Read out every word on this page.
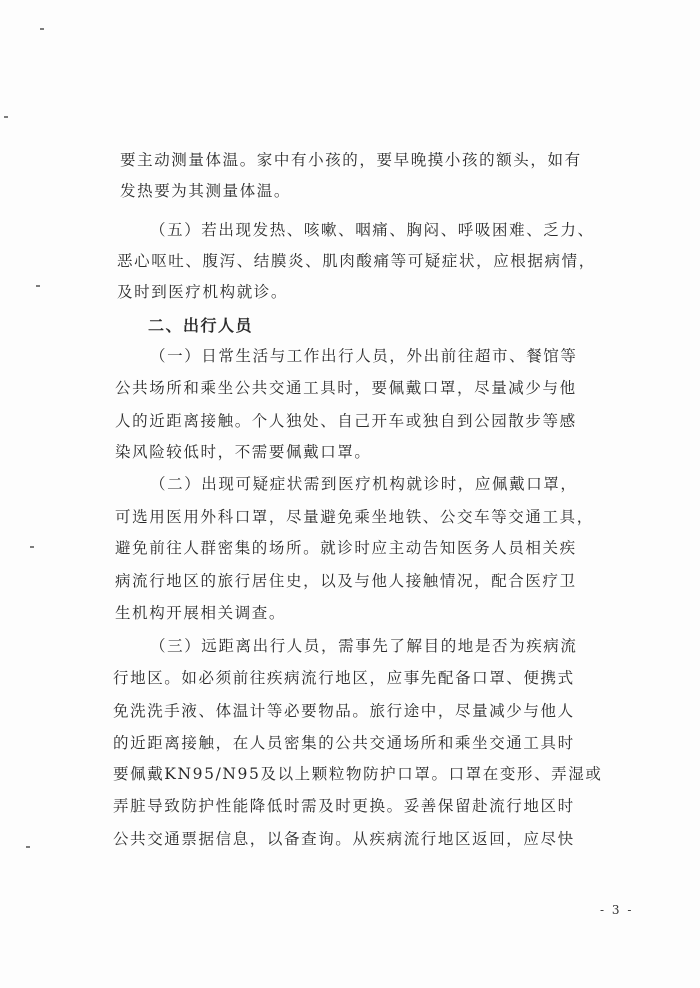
要主动测量体温。家中有小孩的，要早晚摸小孩的额头，如有
发热要为其测量体温。
（五）若出现发热、咳嗽、咽痛、胸闷、呼吸困难、乏力、
恶心呕吐、腹泻、结膜炎、肌肉酸痛等可疑症状，应根据病情，
及时到医疗机构就诊。
二、出行人员
（一）日常生活与工作出行人员，外出前往超市、餐馆等
公共场所和乘坐公共交通工具时，要佩戴口罩，尽量减少与他
人的近距离接触。个人独处、自己开车或独自到公园散步等感
染风险较低时，不需要佩戴口罩。
（二）出现可疑症状需到医疗机构就诊时，应佩戴口罩，
可选用医用外科口罩，尽量避免乘坐地铁、公交车等交通工具，
避免前往人群密集的场所。就诊时应主动告知医务人员相关疾
病流行地区的旅行居住史，以及与他人接触情况，配合医疗卫
生机构开展相关调查。
（三）远距离出行人员，需事先了解目的地是否为疾病流
行地区。如必须前往疾病流行地区，应事先配备口罩、便携式
免洗洗手液、体温计等必要物品。旅行途中，尽量减少与他人
的近距离接触，在人员密集的公共交通场所和乘坐交通工具时
要佩戴KN95/N95及以上颗粒物防护口罩。口罩在变形、弄湿或
弄脏导致防护性能降低时需及时更换。妥善保留赴流行地区时
公共交通票据信息，以备查询。从疾病流行地区返回，应尽快
- 3 -
